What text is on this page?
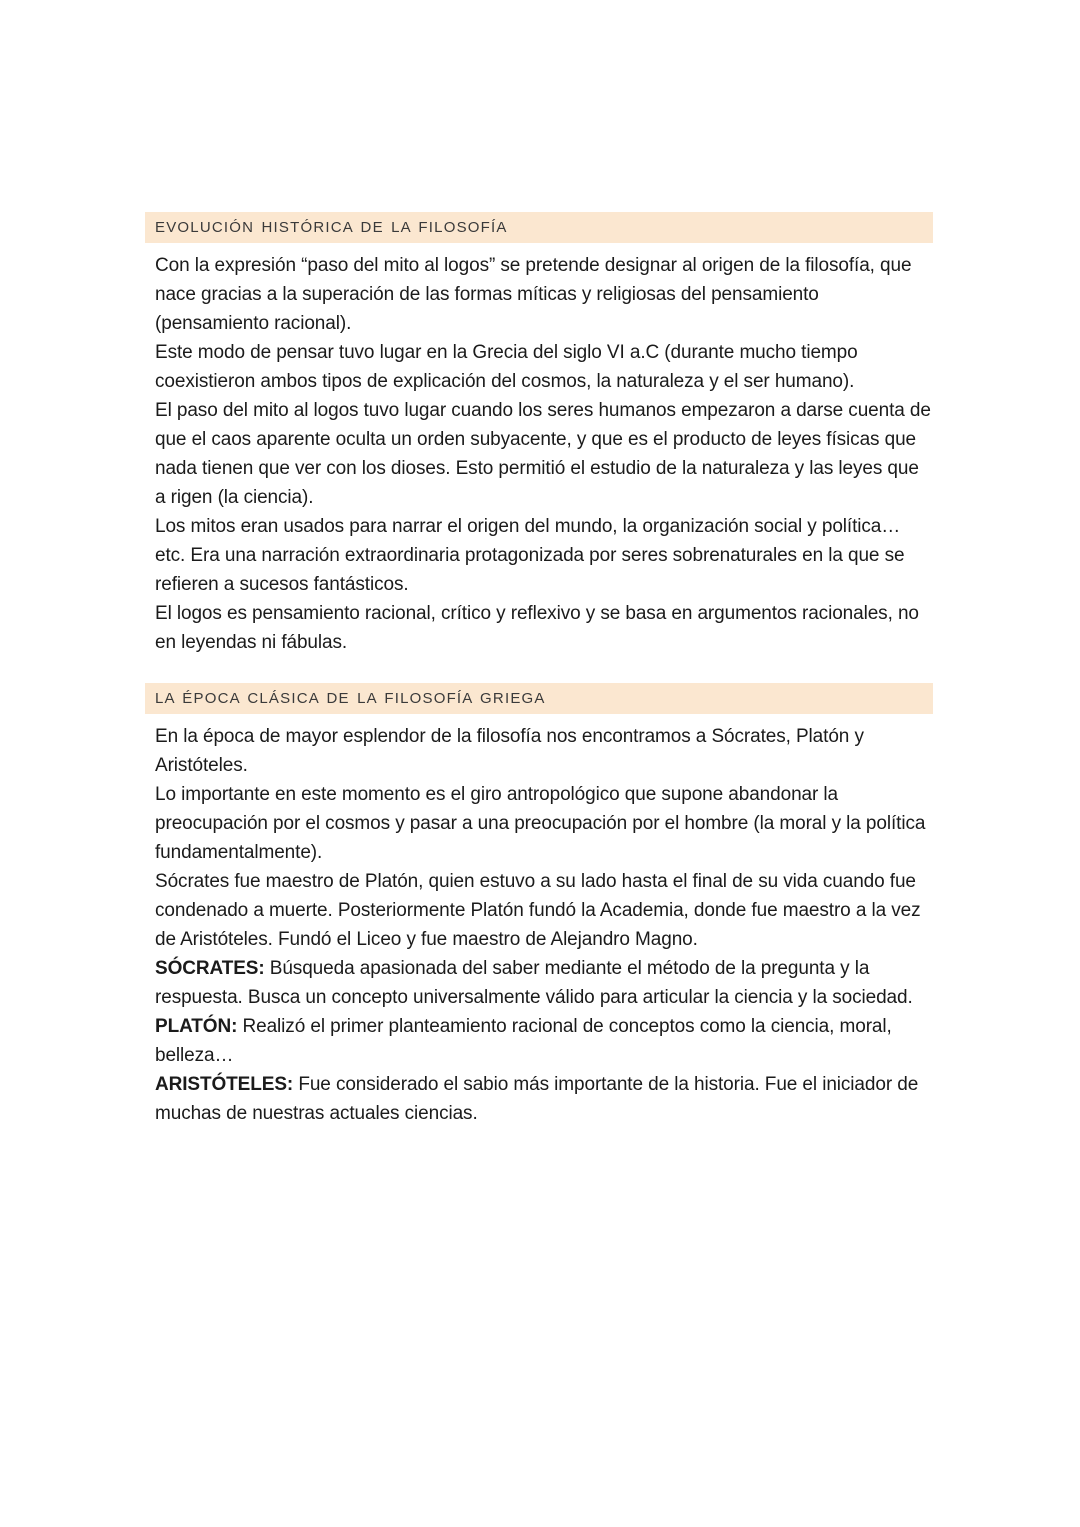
EVOLUCIÓN HISTÓRICA DE LA FILOSOFÍA

Con la expresión “paso del mito al logos” se pretende designar al origen de la filosofía, que nace gracias a la superación de las formas míticas y religiosas del pensamiento (pensamiento racional).

Este modo de pensar tuvo lugar en la Grecia del siglo VI a.C (durante mucho tiempo coexistieron ambos tipos de explicación del cosmos, la naturaleza y el ser humano).

El paso del mito al logos tuvo lugar cuando los seres humanos empezaron a darse cuenta de que el caos aparente oculta un orden subyacente, y que es el producto de leyes físicas que nada tienen que ver con los dioses. Esto permitió el estudio de la naturaleza y las leyes que a rigen (la ciencia).

Los mitos eran usados para narrar el origen del mundo, la organización social y política… etc. Era una narración extraordinaria protagonizada por seres sobrenaturales en la que se refieren a sucesos fantásticos.

El logos es pensamiento racional, crítico y reflexivo y se basa en argumentos racionales, no en leyendas ni fábulas.

LA ÉPOCA CLÁSICA DE LA FILOSOFÍA GRIEGA

En la época de mayor esplendor de la filosofía nos encontramos a Sócrates, Platón y Aristóteles.

Lo importante en este momento es el giro antropológico que supone abandonar la preocupación por el cosmos y pasar a una preocupación por el hombre (la moral y la política fundamentalmente).

Sócrates fue maestro de Platón, quien estuvo a su lado hasta el final de su vida cuando fue condenado a muerte. Posteriormente Platón fundó la Academia, donde fue maestro a la vez de Aristóteles. Fundó el Liceo y fue maestro de Alejandro Magno.

SÓCRATES: Búsqueda apasionada del saber mediante el método de la pregunta y la respuesta. Busca un concepto universalmente válido para articular la ciencia y la sociedad.

PLATÓN: Realizó el primer planteamiento racional de conceptos como la ciencia, moral, belleza…

ARISTÓTELES: Fue considerado el sabio más importante de la historia. Fue el iniciador de muchas de nuestras actuales ciencias.
